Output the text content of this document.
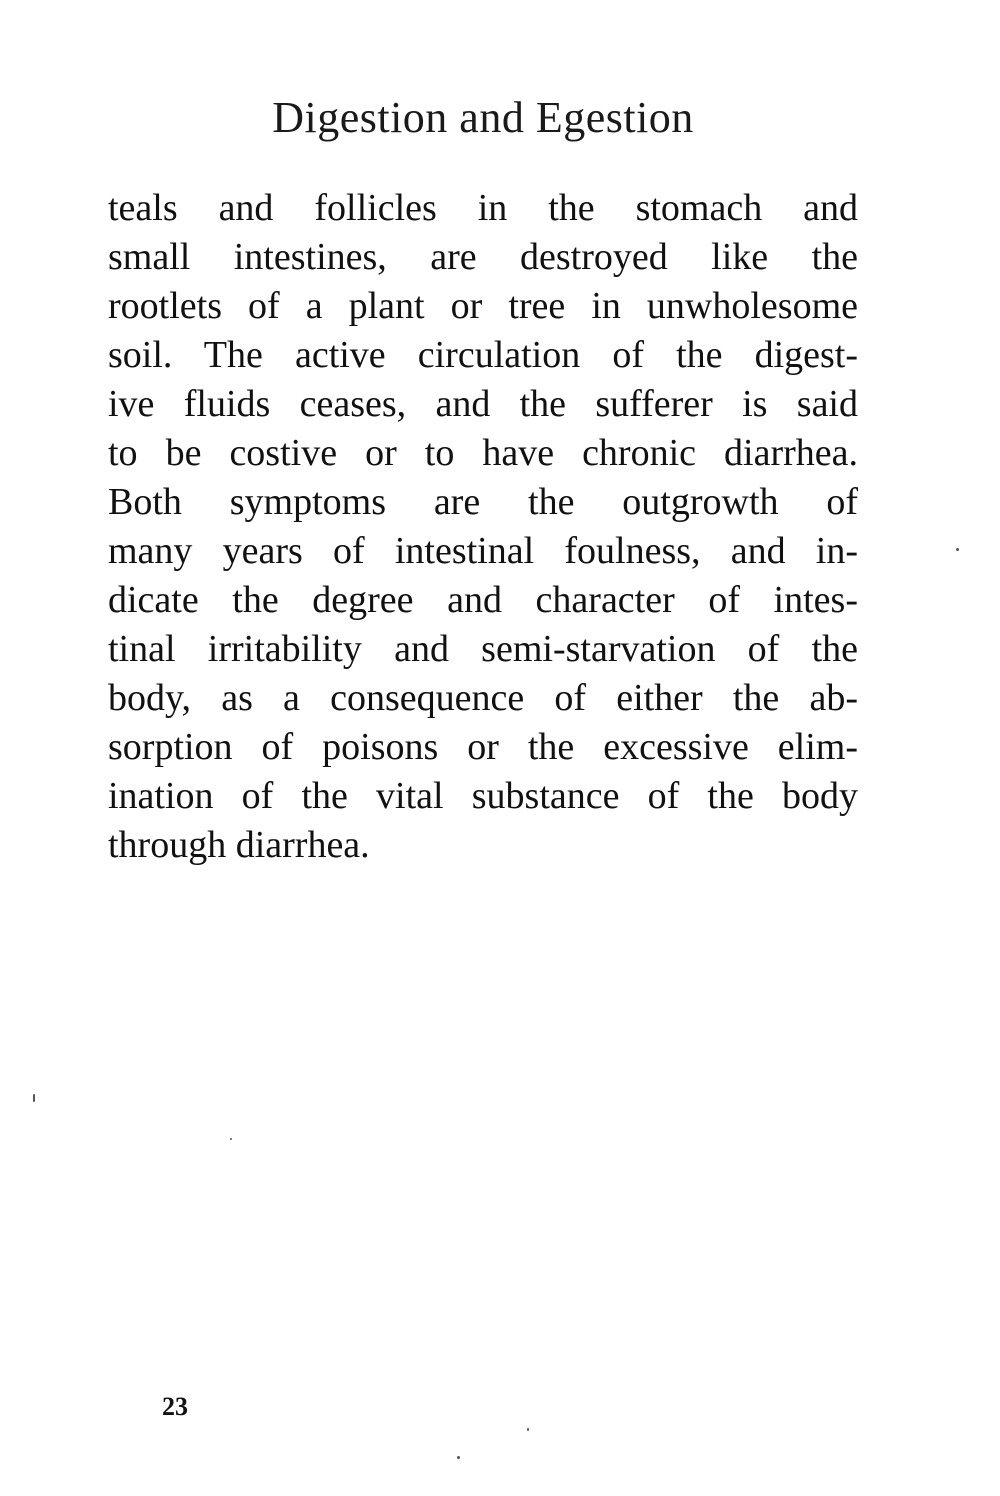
Digestion and Egestion
teals and follicles in the stomach and
small intestines, are destroyed like the
rootlets of a plant or tree in unwholesome
soil. The active circulation of the digest-
ive fluids ceases, and the sufferer is said
to be costive or to have chronic diarrhea.
Both symptoms are the outgrowth of
many years of intestinal foulness, and in-
dicate the degree and character of intes-
tinal irritability and semi-starvation of the
body, as a consequence of either the ab-
sorption of poisons or the excessive elim-
ination of the vital substance of the body
through diarrhea.
23
